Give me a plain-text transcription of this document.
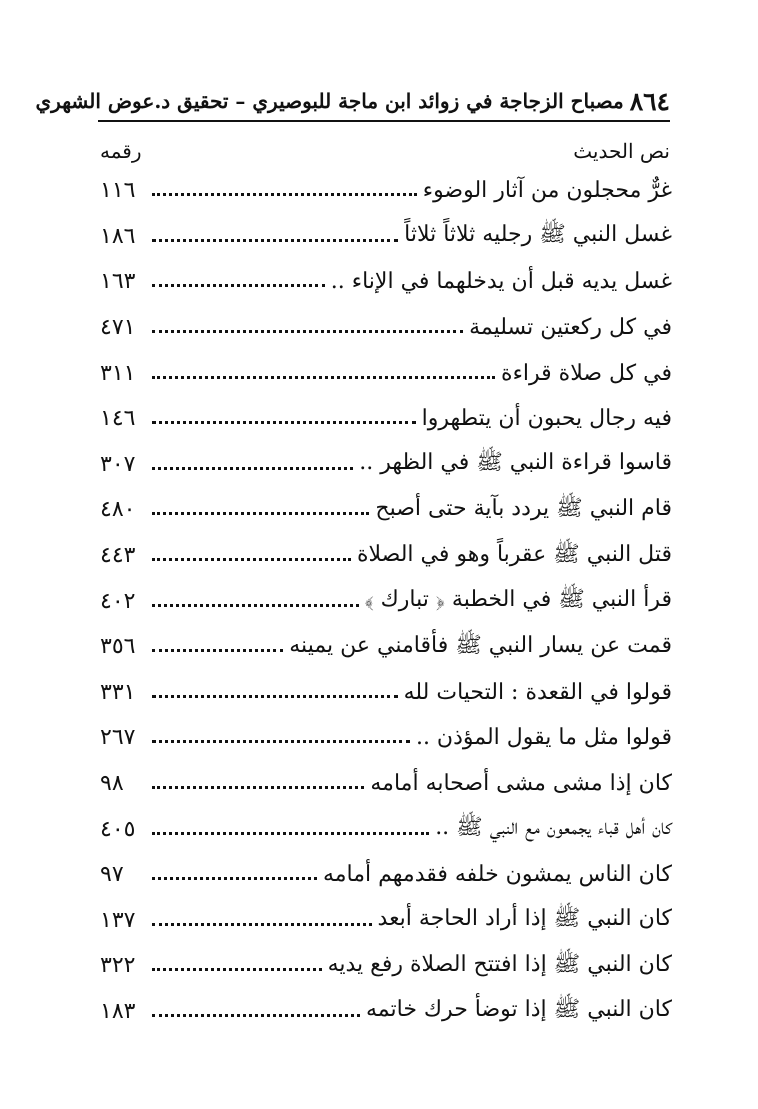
٨٦٤
مصباح الزجاجة في زوائد ابن ماجة للبوصيري – تحقيق د.عوض الشهري
نص الحديث
رقمه
غرٌّ محجلون من آثار الوضوء
١١٦
غسل النبي ﷺ رجليه ثلاثاً ثلاثاً
١٨٦
غسل يديه قبل أن يدخلهما في الإناء ..
١٦٣
في كل ركعتين تسليمة
٤٧١
في كل صلاة قراءة
٣١١
فيه رجال يحبون أن يتطهروا
١٤٦
قاسوا قراءة النبي ﷺ في الظهر ..
٣٠٧
قام النبي ﷺ يردد بآية حتى أصبح
٤٨٠
قتل النبي ﷺ عقرباً وهو في الصلاة
٤٤٣
قرأ النبي ﷺ في الخطبة ﴿ تبارك ﴾
٤٠٢
قمت عن يسار النبي ﷺ فأقامني عن يمينه
٣٥٦
قولوا في القعدة : التحيات لله
٣٣١
قولوا مثل ما يقول المؤذن ..
٢٦٧
كان إذا مشى مشى أصحابه أمامه
٩٨
كان أهل قباء يجمعون مع النبي ﷺ ..
٤٠٥
كان الناس يمشون خلفه فقدمهم أمامه
٩٧
كان النبي ﷺ إذا أراد الحاجة أبعد
١٣٧
كان النبي ﷺ إذا افتتح الصلاة رفع يديه
٣٢٢
كان النبي ﷺ إذا توضأ حرك خاتمه
١٨٣
